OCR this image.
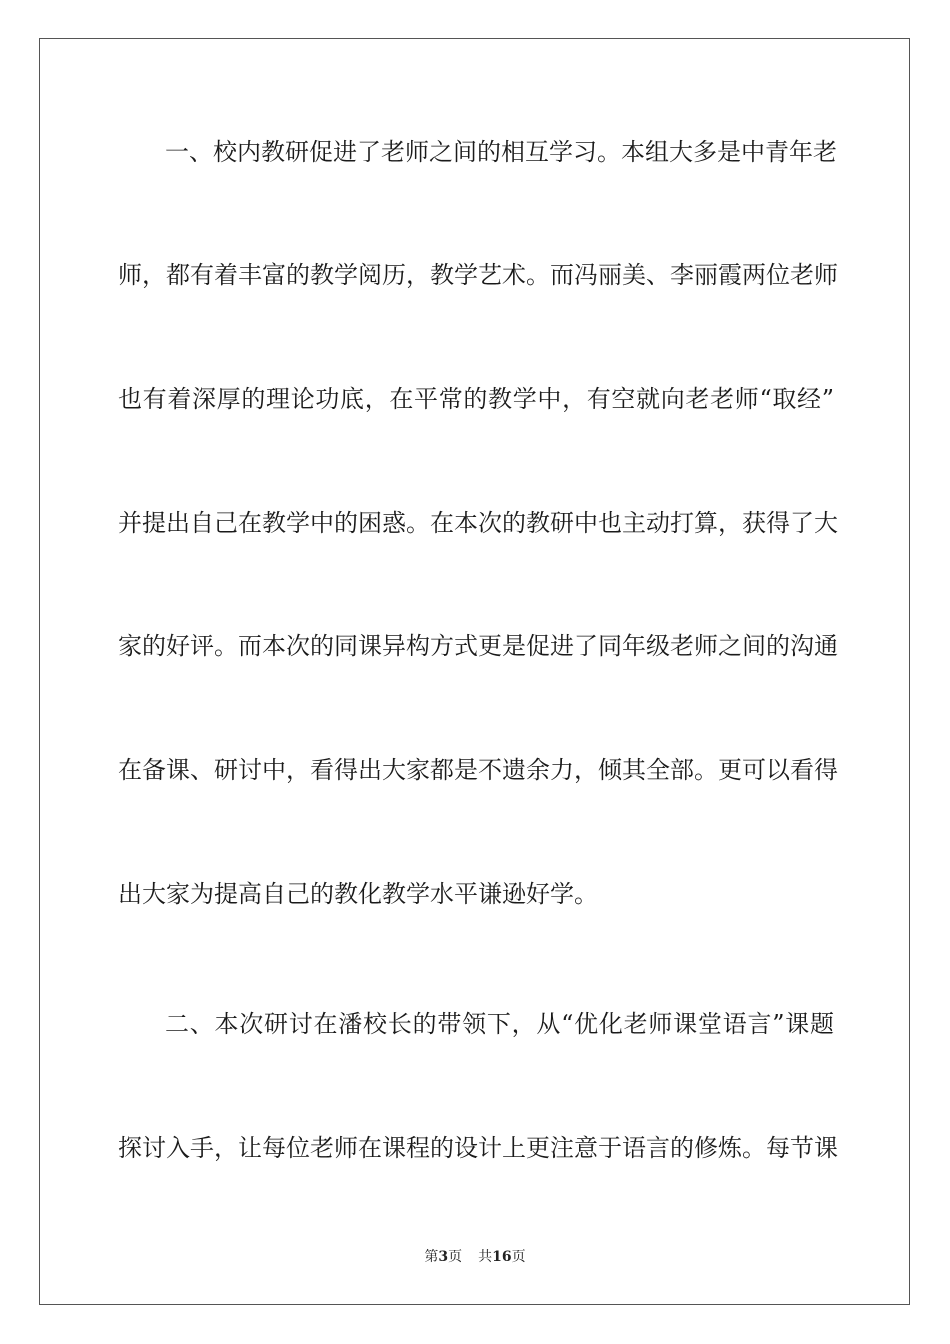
一、校内教研促进了老师之间的相互学习。本组大多是中青年老
师，都有着丰富的教学阅历，教学艺术。而冯丽美、李丽霞两位老师
也有着深厚的理论功底，在平常的教学中，有空就向老老师“取经”
并提出自己在教学中的困惑。在本次的教研中也主动打算，获得了大
家的好评。而本次的同课异构方式更是促进了同年级老师之间的沟通
在备课、研讨中，看得出大家都是不遗余力，倾其全部。更可以看得
出大家为提高自己的教化教学水平谦逊好学。
二、本次研讨在潘校长的带领下，从“优化老师课堂语言”课题
探讨入手，让每位老师在课程的设计上更注意于语言的修炼。每节课
第3页 共16页
